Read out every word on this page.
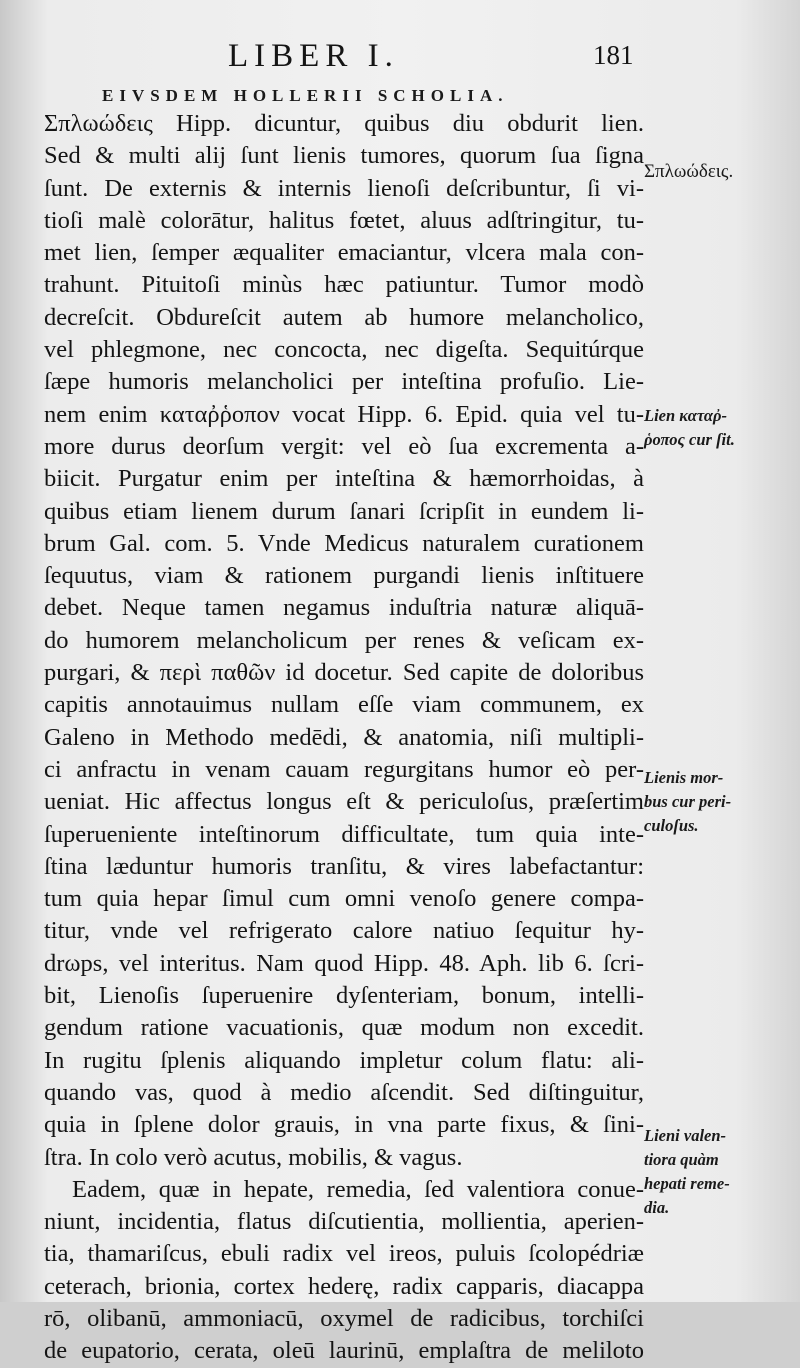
LIBER I.	181
EIVSDEM HOLLERII SCHOLIA.
Σπλωώδεις Hipp. dicuntur, quibus diu obdurit lien.
Sed & multi alij ſunt lienis tumores, quorum ſua ſigna
ſunt. De externis & internis lienoſi deſcribuntur, ſi vi-
tioſi malè colorātur, halitus fœtet, aluus adſtringitur, tu-
met lien, ſemper æqualiter emaciantur, vlcera mala con-
trahunt. Pituitoſi minùs hæc patiuntur. Tumor modò
decreſcit. Obdureſcit autem ab humore melancholico,
vel phlegmone, nec concocta, nec digeſta. Sequitúrque
ſæpe humoris melancholici per inteſtina profuſio. Lie-
nem enim καταῤῥοπον vocat Hipp. 6. Epid. quia vel tu-
more durus deorſum vergit: vel eò ſua excrementa a-
biicit. Purgatur enim per inteſtina & hæmorrhoidas, à
quibus etiam lienem durum ſanari ſcripſit in eundem li-
brum Gal. com. 5. Vnde Medicus naturalem curationem
ſequutus, viam & rationem purgandi lienis inſtituere
debet. Neque tamen negamus induſtria naturæ aliquā-
do humorem melancholicum per renes & veſicam ex-
purgari, & περὶ παθῶν id docetur. Sed capite de doloribus
capitis annotauimus nullam eſſe viam communem, ex
Galeno in Methodo medēdi, & anatomia, niſi multipli-
ci anfractu in venam cauam regurgitans humor eò per-
ueniat. Hic affectus longus eſt & periculoſus, præſertim
ſuperueniente inteſtinorum difficultate, tum quia inte-
ſtina læduntur humoris tranſitu, & vires labefactantur:
tum quia hepar ſimul cum omni venoſo genere compa-
titur, vnde vel refrigerato calore natiuo ſequitur hy-
drωps, vel interitus. Nam quod Hipp. 48. Aph. lib 6. ſcri-
bit, Lienoſis ſuperuenire dyſenteriam, bonum, intelli-
gendum ratione vacuationis, quæ modum non excedit.
In rugitu ſplenis aliquando impletur colum flatu: ali-
quando vas, quod à medio aſcendit. Sed diſtinguitur,
quia in ſplene dolor grauis, in vna parte fixus, & ſini-
ſtra. In colo verò acutus, mobilis, & vagus.
Eadem, quæ in hepate, remedia, ſed valentiora conue-
niunt, incidentia, flatus diſcutientia, mollientia, aperien-
tia, thamariſcus, ebuli radix vel ireos, puluis ſcolopédriæ
ceterach, brionia, cortex hederę, radix capparis, diacappa
rō, olibanū, ammoniacū, oxymel de radicibus, torchiſci
de eupatorio, cerata, oleū laurinū, emplaſtra de meliloto
Σπλωώδεις.
Lien καταῤ-
ῥοπος cur ſit.
Lienis mor-
bus cur peri-
culoſus.
Lieni valen-
tiora quàm
hepati reme-
dia.
